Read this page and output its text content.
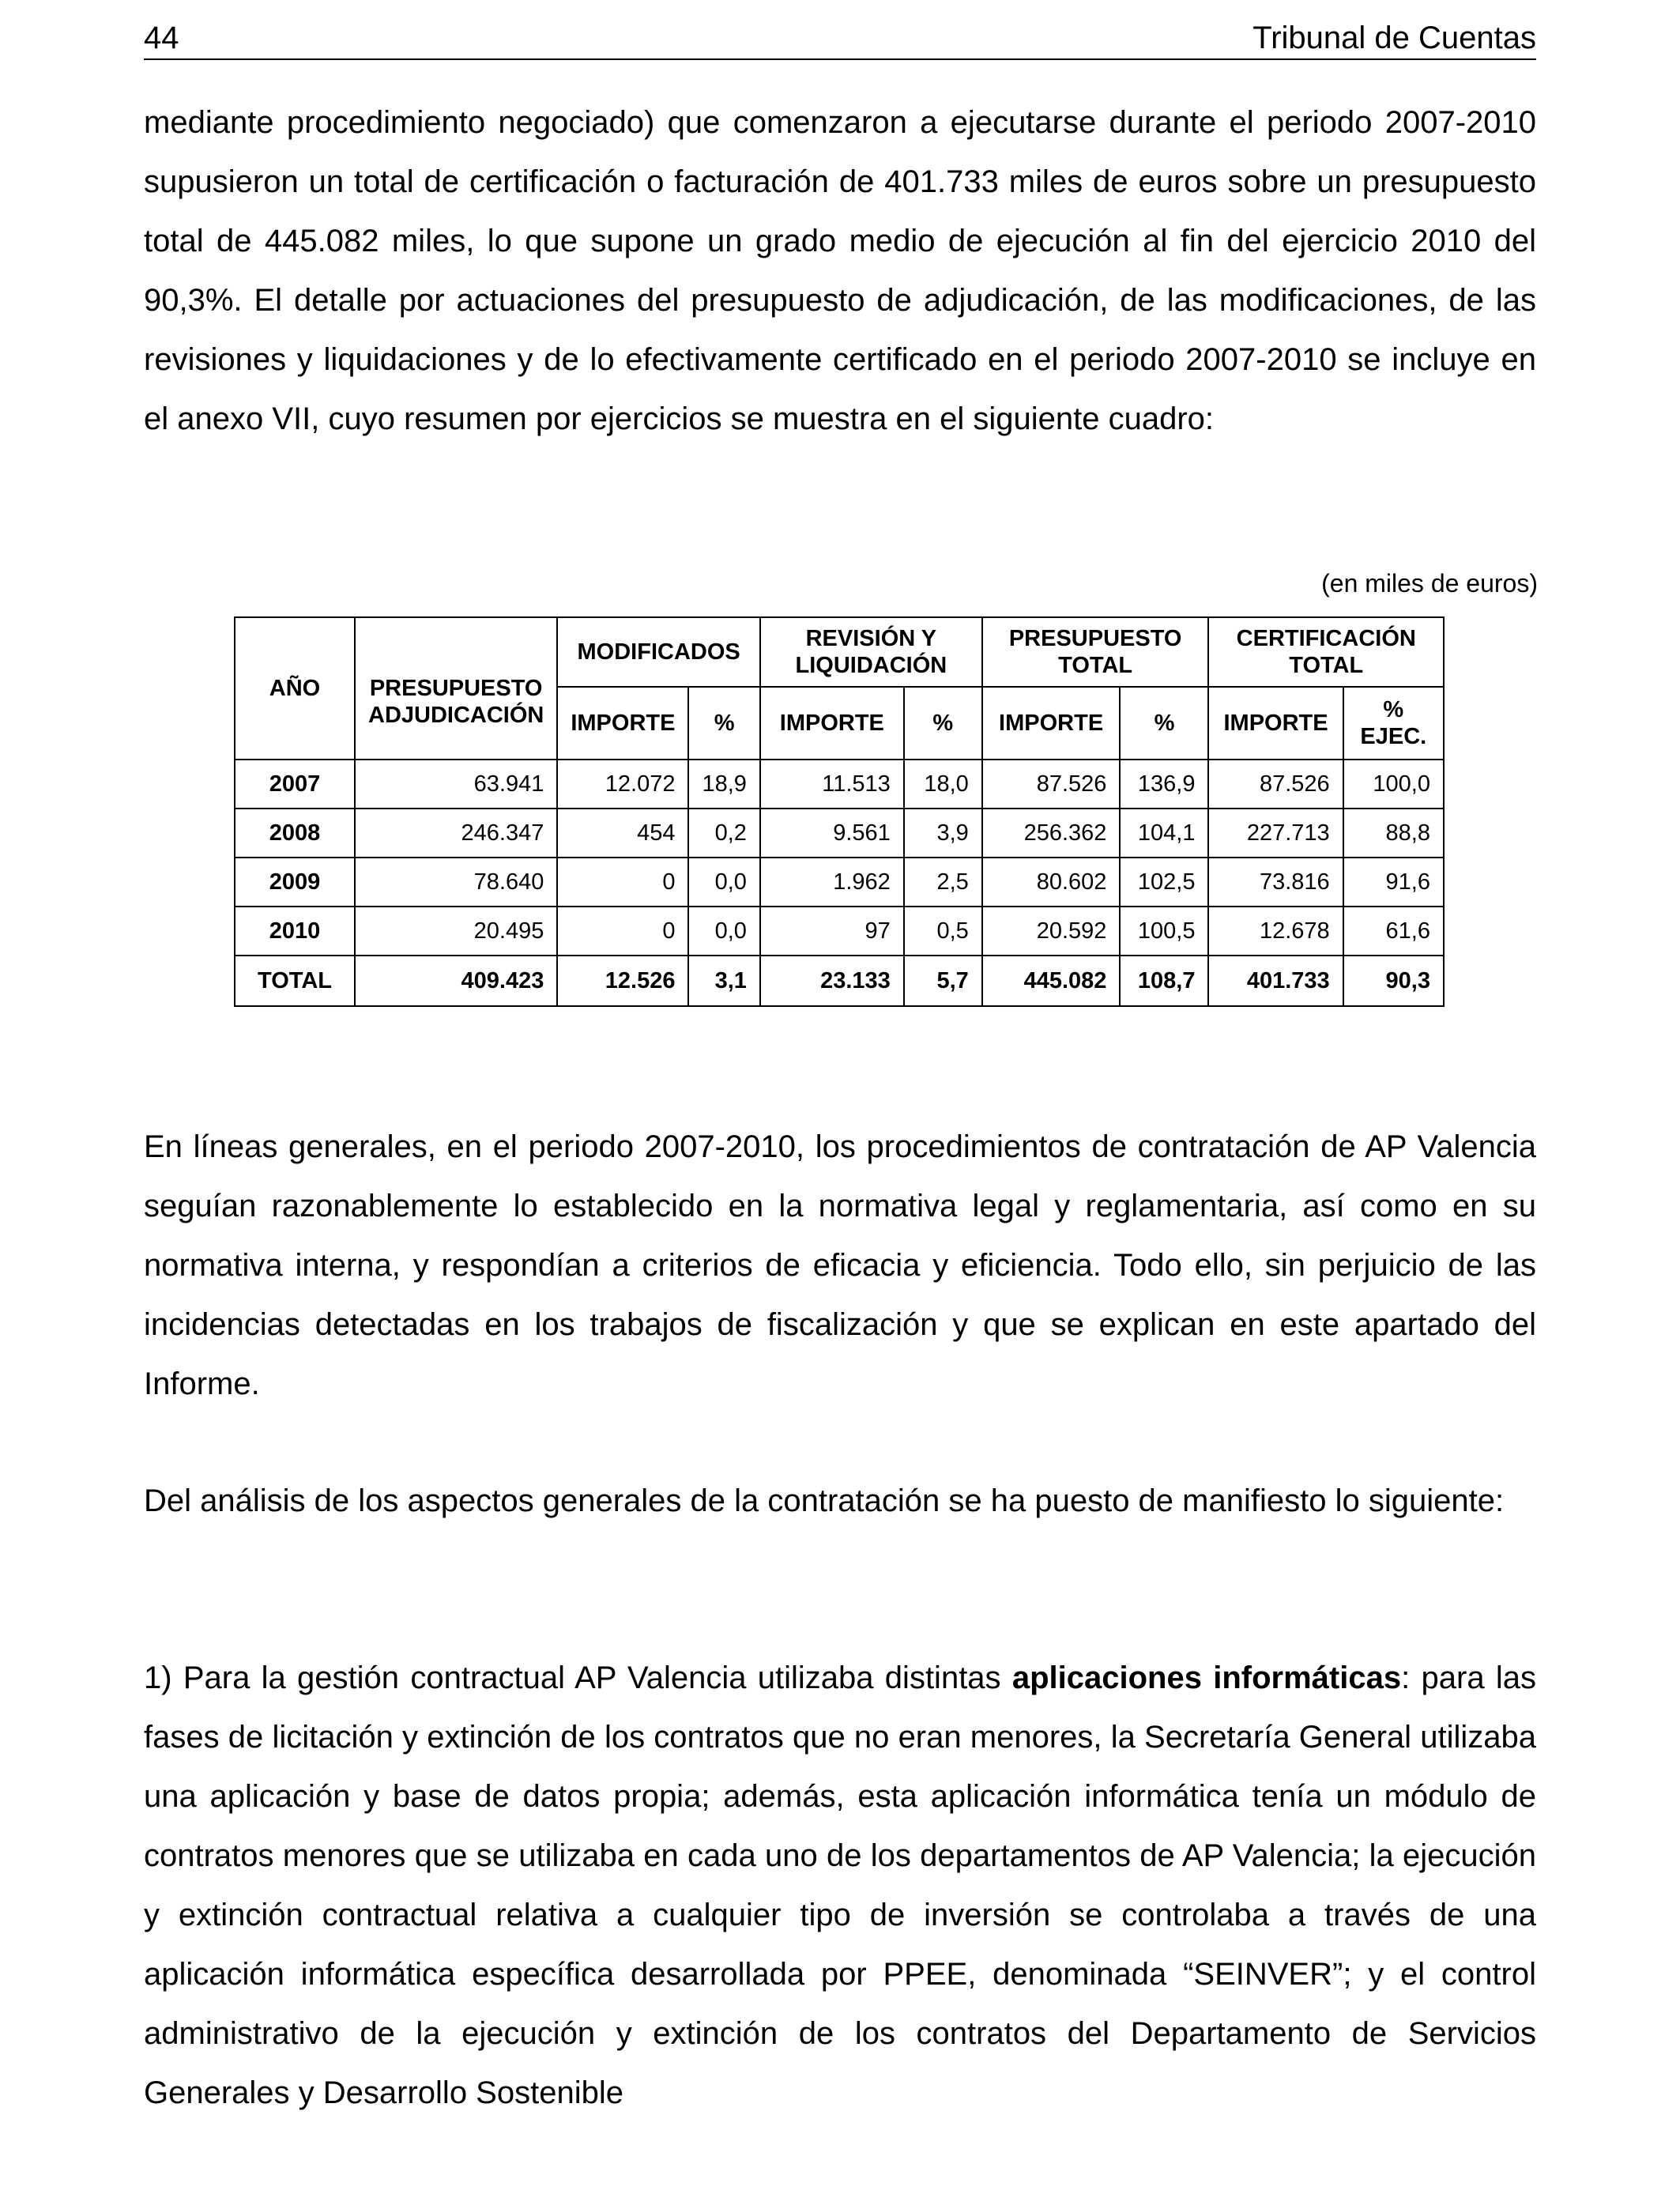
44	Tribunal de Cuentas

mediante procedimiento negociado) que comenzaron a ejecutarse durante el periodo 2007-2010 supusieron un total de certificación o facturación de 401.733 miles de euros sobre un presupuesto total de 445.082 miles, lo que supone un grado medio de ejecución al fin del ejercicio 2010 del 90,3%. El detalle por actuaciones del presupuesto de adjudicación, de las modificaciones, de las revisiones y liquidaciones y de lo efectivamente certificado en el periodo 2007-2010 se incluye en el anexo VII, cuyo resumen por ejercicios se muestra en el siguiente cuadro:

(en miles de euros)
AÑO	PRESUPUESTO ADJUDICACIÓN	MODIFICADOS		REVISIÓN Y LIQUIDACIÓN		PRESUPUESTO TOTAL		CERTIFICACIÓN TOTAL	
		IMPORTE	%	IMPORTE	%	IMPORTE	%	IMPORTE	% EJEC.
2007	63.941	12.072	18,9	11.513	18,0	87.526	136,9	87.526	100,0
2008	246.347	454	0,2	9.561	3,9	256.362	104,1	227.713	88,8
2009	78.640	0	0,0	1.962	2,5	80.602	102,5	73.816	91,6
2010	20.495	0	0,0	97	0,5	20.592	100,5	12.678	61,6
TOTAL	409.423	12.526	3,1	23.133	5,7	445.082	108,7	401.733	90,3

En líneas generales, en el periodo 2007-2010, los procedimientos de contratación de AP Valencia seguían razonablemente lo establecido en la normativa legal y reglamentaria, así como en su normativa interna, y respondían a criterios de eficacia y eficiencia. Todo ello, sin perjuicio de las incidencias detectadas en los trabajos de fiscalización y que se explican en este apartado del Informe.

Del análisis de los aspectos generales de la contratación se ha puesto de manifiesto lo siguiente:

1) Para la gestión contractual AP Valencia utilizaba distintas aplicaciones informáticas: para las fases de licitación y extinción de los contratos que no eran menores, la Secretaría General utilizaba una aplicación y base de datos propia; además, esta aplicación informática tenía un módulo de contratos menores que se utilizaba en cada uno de los departamentos de AP Valencia; la ejecución y extinción contractual relativa a cualquier tipo de inversión se controlaba a través de una aplicación informática específica desarrollada por PPEE, denominada “SEINVER”; y el control administrativo de la ejecución y extinción de los contratos del Departamento de Servicios Generales y Desarrollo Sostenible
